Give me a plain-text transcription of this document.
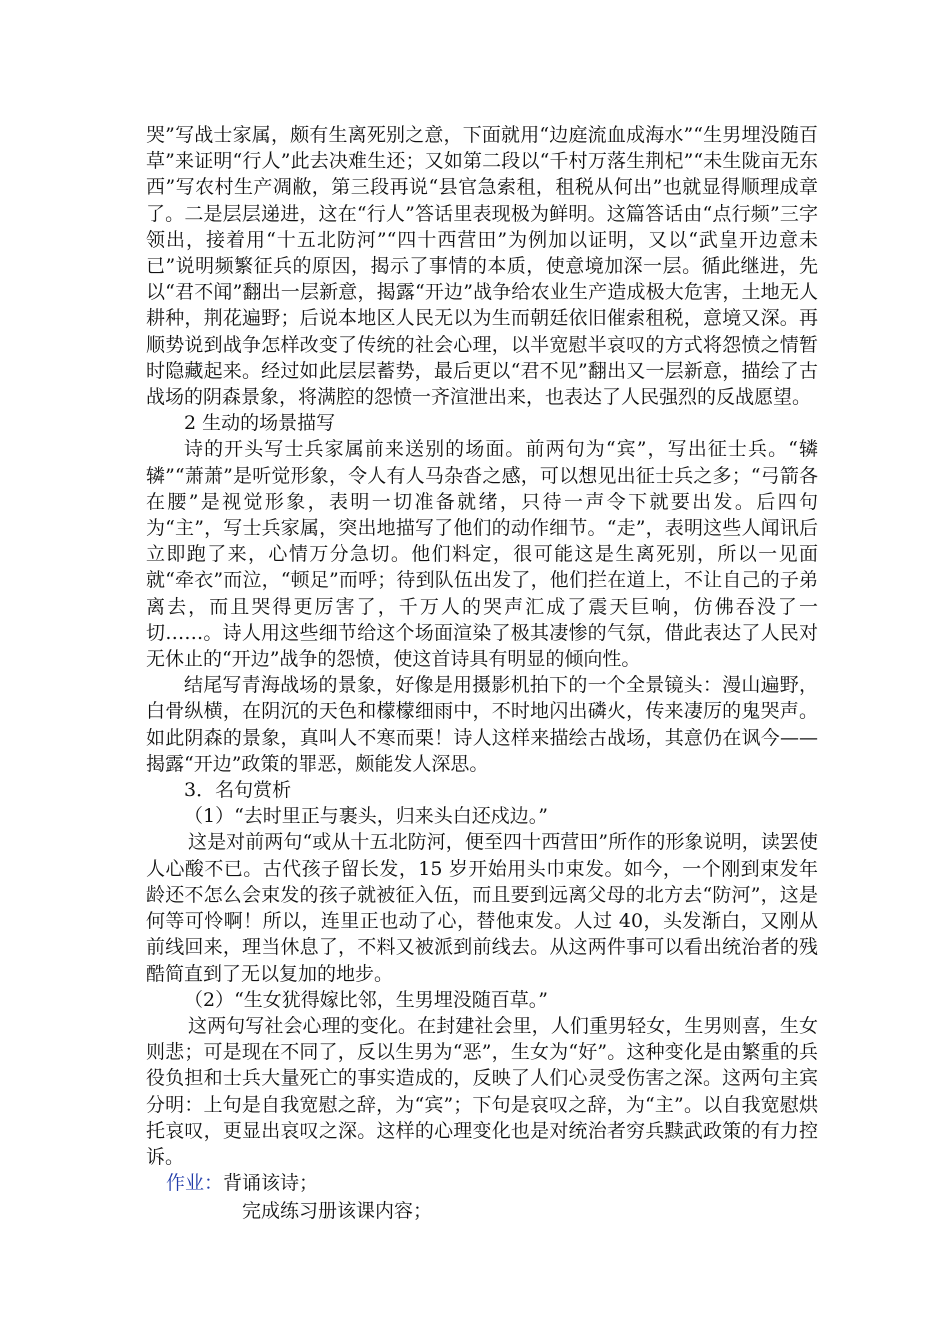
哭”写战士家属，颇有生离死别之意，下面就用“边庭流血成海水”“生男埋没随百草”来证明“行人”此去决难生还；又如第二段以“千村万落生荆杞”“未生陇亩无东西”写农村生产凋敝，第三段再说“县官急索租，租税从何出”也就显得顺理成章了。二是层层递进，这在“行人”答话里表现极为鲜明。这篇答话由“点行频”三字领出，接着用“十五北防河”“四十西营田”为例加以证明，又以“武皇开边意未已”说明频繁征兵的原因，揭示了事情的本质，使意境加深一层。循此继进，先以“君不闻”翻出一层新意，揭露“开边”战争给农业生产造成极大危害，土地无人耕种，荆花遍野；后说本地区人民无以为生而朝廷依旧催索租税，意境又深。再顺势说到战争怎样改变了传统的社会心理，以半宽慰半哀叹的方式将怨愤之情暂时隐藏起来。经过如此层层蓄势，最后更以“君不见”翻出又一层新意，描绘了古战场的阴森景象，将满腔的怨愤一齐渲泄出来，也表达了人民强烈的反战愿望。

2 生动的场景描写

诗的开头写士兵家属前来送别的场面。前两句为“宾”，写出征士兵。“辚辚”“萧萧”是听觉形象，令人有人马杂沓之感，可以想见出征士兵之多；“弓箭各在腰”是视觉形象，表明一切准备就绪，只待一声令下就要出发。后四句为“主”，写士兵家属，突出地描写了他们的动作细节。“走”，表明这些人闻讯后立即跑了来，心情万分急切。他们料定，很可能这是生离死别，所以一见面就“牵衣”而泣，“顿足”而呼；待到队伍出发了，他们拦在道上，不让自己的子弟离去，而且哭得更厉害了，千万人的哭声汇成了震天巨响，仿佛吞没了一切……。诗人用这些细节给这个场面渲染了极其凄惨的气氛，借此表达了人民对无休止的“开边”战争的怨愤，使这首诗具有明显的倾向性。

结尾写青海战场的景象，好像是用摄影机拍下的一个全景镜头：漫山遍野，白骨纵横，在阴沉的天色和檬檬细雨中，不时地闪出磷火，传来凄厉的鬼哭声。如此阴森的景象，真叫人不寒而栗！诗人这样来描绘古战场，其意仍在讽今——揭露“开边”政策的罪恶，颇能发人深思。

3．名句赏析

（1）“去时里正与裹头，归来头白还戍边。”

这是对前两句“或从十五北防河，便至四十西营田”所作的形象说明，读罢使人心酸不已。古代孩子留长发，15 岁开始用头巾束发。如今，一个刚到束发年龄还不怎么会束发的孩子就被征入伍，而且要到远离父母的北方去“防河”，这是何等可怜啊！所以，连里正也动了心，替他束发。人过 40，头发渐白，又刚从前线回来，理当休息了，不料又被派到前线去。从这两件事可以看出统治者的残酷简直到了无以复加的地步。

（2）“生女犹得嫁比邻，生男埋没随百草。”

这两句写社会心理的变化。在封建社会里，人们重男轻女，生男则喜，生女则悲；可是现在不同了，反以生男为“恶”，生女为“好”。这种变化是由繁重的兵役负担和士兵大量死亡的事实造成的，反映了人们心灵受伤害之深。这两句主宾分明：上句是自我宽慰之辞，为“宾”；下句是哀叹之辞，为“主”。以自我宽慰烘托哀叹，更显出哀叹之深。这样的心理变化也是对统治者穷兵黩武政策的有力控诉。

作业：背诵该诗；

完成练习册该课内容；
